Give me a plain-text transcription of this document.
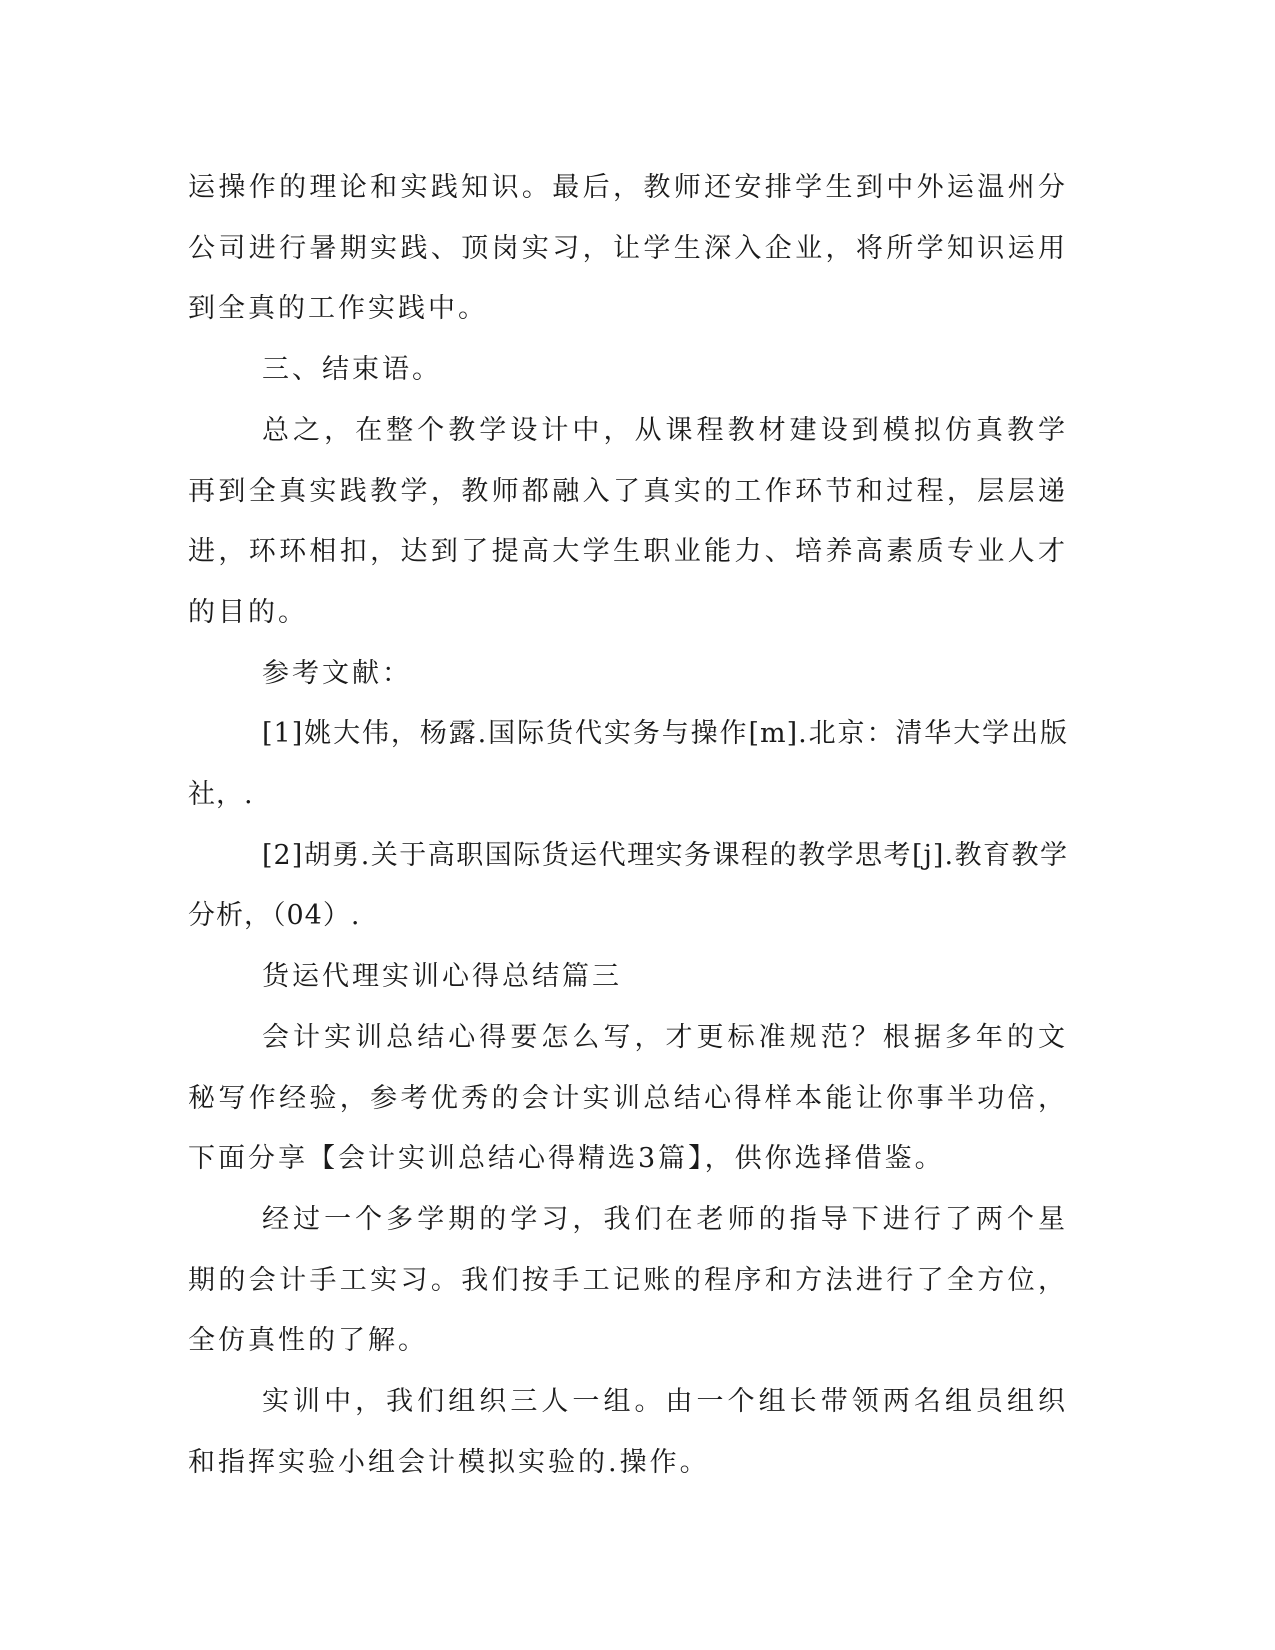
运操作的理论和实践知识。最后，教师还安排学生到中外运温州分公司进行暑期实践、顶岗实习，让学生深入企业，将所学知识运用到全真的工作实践中。

三、结束语。

总之，在整个教学设计中，从课程教材建设到模拟仿真教学再到全真实践教学，教师都融入了真实的工作环节和过程，层层递进，环环相扣，达到了提高大学生职业能力、培养高素质专业人才的目的。

参考文献：

[1]姚大伟，杨露.国际货代实务与操作[m].北京：清华大学出版社，.

[2]胡勇.关于高职国际货运代理实务课程的教学思考[j].教育教学分析，（04）.

货运代理实训心得总结篇三

会计实训总结心得要怎么写，才更标准规范？根据多年的文秘写作经验，参考优秀的会计实训总结心得样本能让你事半功倍，下面分享【会计实训总结心得精选3篇】，供你选择借鉴。

经过一个多学期的学习，我们在老师的指导下进行了两个星期的会计手工实习。我们按手工记账的程序和方法进行了全方位，全仿真性的了解。

实训中，我们组织三人一组。由一个组长带领两名组员组织和指挥实验小组会计模拟实验的.操作。
